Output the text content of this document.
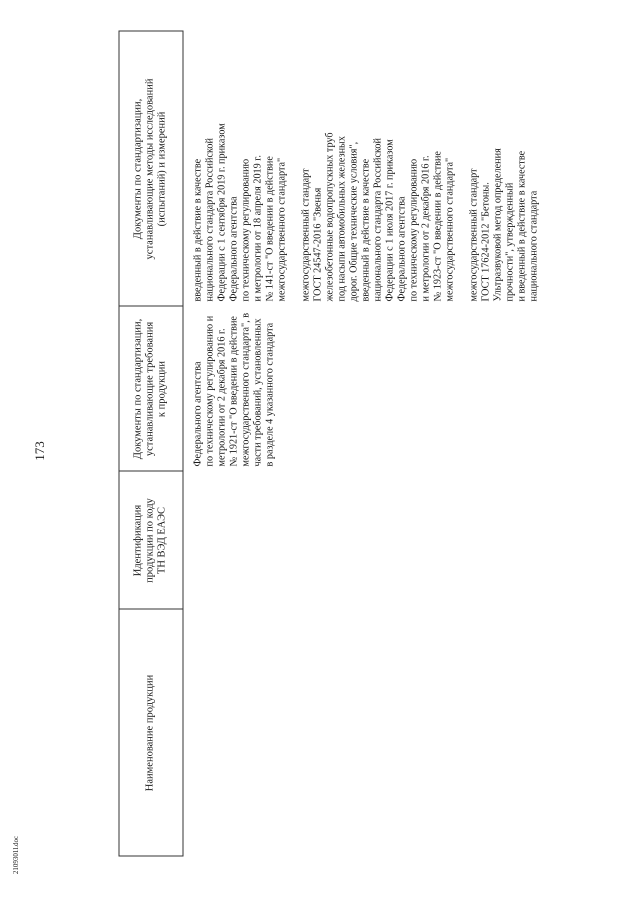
173
2109301l.doc
Наименование продукции
Идентификация продукции по коду ТН ВЭД ЕАЭС
Документы по стандартизации, устанавливающие требования к продукции
Документы по стандартизации, устанавливающие методы исследований (испытаний) и измерений
Федерального агентства по техническому регулированию и метрологии от 2 декабря 2016 г. № 1921-ст "О введении в действие межгосударственного стандарта", в части требований, установленных в разделе 4 указанного стандарта
введенный в действие в качестве национального стандарта Российской Федерации с 1 сентября 2019 г. приказом Федерального агентства по техническому регулированию и метрологии от 18 апреля 2019 г. № 141-ст "О введении в действие межгосударственного стандарта" межгосударственный стандарт ГОСТ 24547-2016 "Звенья железобетонные водопропускных труб под насыпи автомобильных железных дорог. Общие технические условия", введенный в действие в качестве национального стандарта Российской Федерации с 1 июля 2017 г. приказом Федерального агентства по техническому регулированию и метрологии от 2 декабря 2016 г. № 1923-ст "О введении в действие межгосударственного стандарта" межгосударственный стандарт ГОСТ 17624-2012 "Бетоны. Ультразвуковой метод определения прочности", утвержденный и введенный в действие в качестве национального стандарта
